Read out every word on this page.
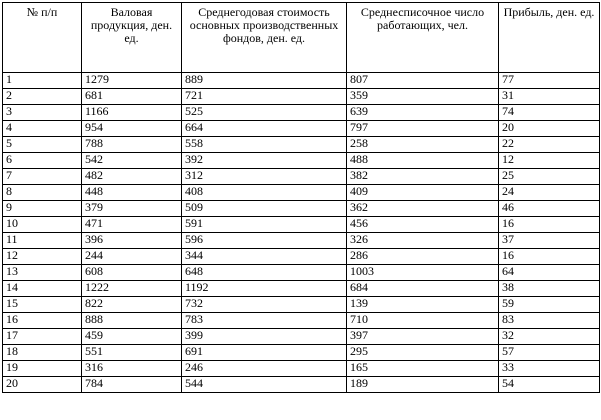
№ п/п	Валовая продукция, ден. ед.	Среднегодовая стоимость основных производственных фондов, ден. ед.	Среднесписочное число работающих, чел.	Прибыль, ден. ед.
1	1279	889	807	77
2	681	721	359	31
3	1166	525	639	74
4	954	664	797	20
5	788	558	258	22
6	542	392	488	12
7	482	312	382	25
8	448	408	409	24
9	379	509	362	46
10	471	591	456	16
11	396	596	326	37
12	244	344	286	16
13	608	648	1003	64
14	1222	1192	684	38
15	822	732	139	59
16	888	783	710	83
17	459	399	397	32
18	551	691	295	57
19	316	246	165	33
20	784	544	189	54
